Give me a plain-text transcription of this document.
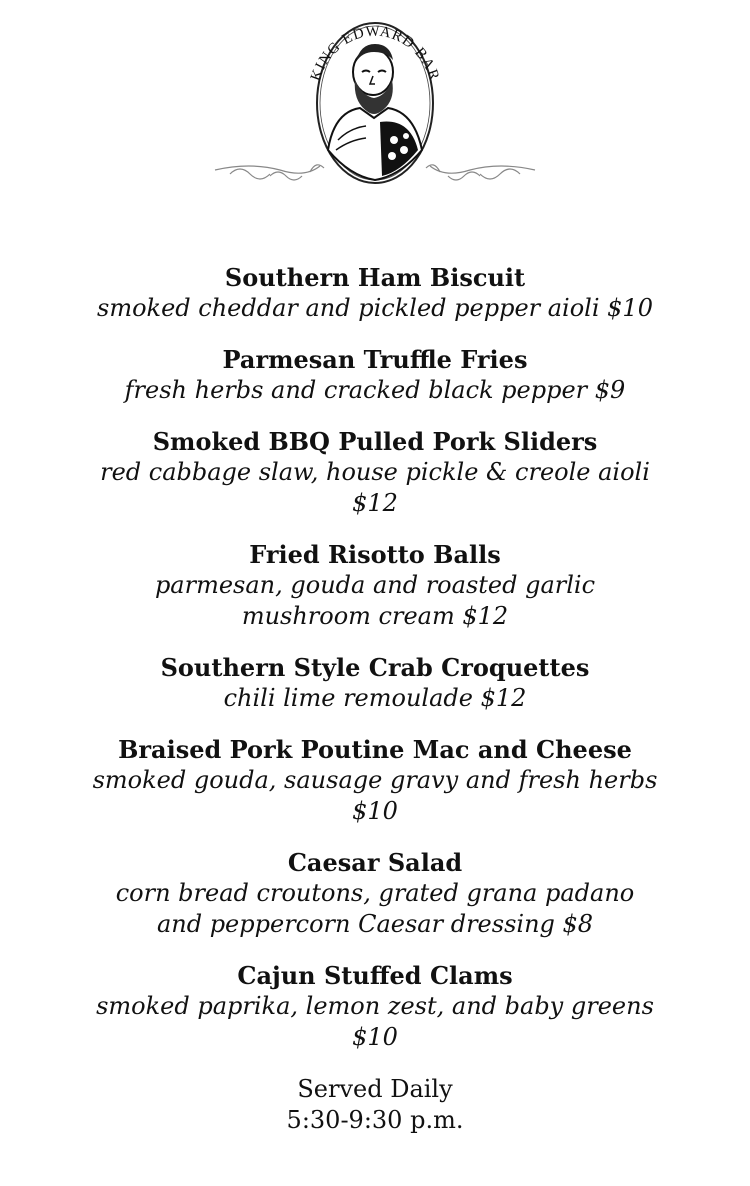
KING EDWARD BAR
Southern Ham Biscuit
smoked cheddar and pickled pepper aioli $10
Parmesan Truffle Fries
fresh herbs and cracked black pepper $9
Smoked BBQ Pulled Pork Sliders
red cabbage slaw, house pickle & creole aioli $12
Fried Risotto Balls
parmesan, gouda and roasted garlic mushroom cream $12
Southern Style Crab Croquettes
chili lime remoulade $12
Braised Pork Poutine Mac and Cheese
smoked gouda, sausage gravy and fresh herbs $10
Caesar Salad
corn bread croutons, grated grana padano and peppercorn Caesar dressing $8
Cajun Stuffed Clams
smoked paprika, lemon zest, and baby greens $10
Served Daily
5:30-9:30 p.m.
